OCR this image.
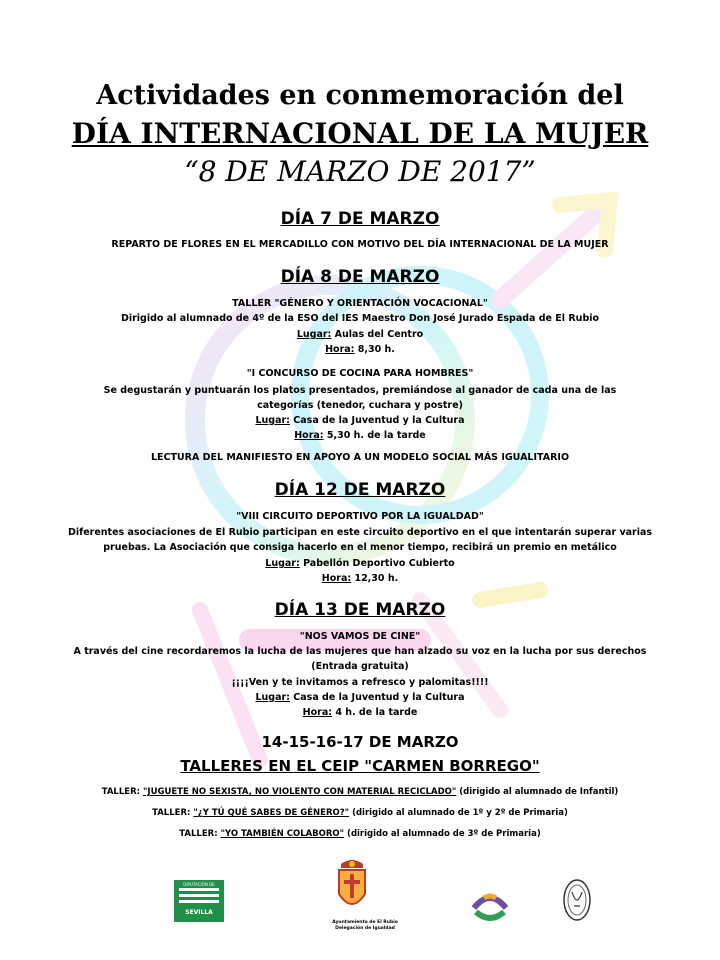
Actividades en conmemoración del
DÍA INTERNACIONAL DE LA MUJER
“8 DE MARZO DE 2017”
DÍA 7 DE MARZO
REPARTO DE FLORES EN EL MERCADILLO CON MOTIVO DEL DÍA INTERNACIONAL DE LA MUJER
DÍA 8 DE MARZO
TALLER "GÉNERO Y ORIENTACIÓN VOCACIONAL"
Dirigido al alumnado de 4º de la ESO del IES Maestro Don José Jurado Espada de El Rubio
Lugar: Aulas del Centro
Hora: 8,30 h.
"I CONCURSO DE COCINA PARA HOMBRES"
Se degustarán y puntuarán los platos presentados, premiándose al ganador de cada una de las
categorías (tenedor, cuchara y postre)
Lugar: Casa de la Juventud y la Cultura
Hora: 5,30 h. de la tarde
LECTURA DEL MANIFIESTO EN APOYO A UN MODELO SOCIAL MÁS IGUALITARIO
DÍA 12 DE MARZO
"VIII CIRCUITO DEPORTIVO POR LA IGUALDAD"
Diferentes asociaciones de El Rubio participan en este circuito deportivo en el que intentarán superar varias
pruebas. La Asociación que consiga hacerlo en el menor tiempo, recibirá un premio en metálico
Lugar: Pabellón Deportivo Cubierto
Hora: 12,30 h.
DÍA 13 DE MARZO
"NOS VAMOS DE CINE"
A través del cine recordaremos la lucha de las mujeres que han alzado su voz en la lucha por sus derechos
(Entrada gratuita)
¡¡¡¡Ven y te invitamos a refresco y palomitas!!!!
Lugar: Casa de la Juventud y la Cultura
Hora: 4 h. de la tarde
14-15-16-17 DE MARZO
TALLERES EN EL CEIP "CARMEN BORREGO"
TALLER: "JUGUETE NO SEXISTA, NO VIOLENTO CON MATERIAL RECICLADO" (dirigido al alumnado de Infantil)
TALLER: "¿Y TÚ QUÉ SABES DE GÉNERO?" (dirigido al alumnado de 1º y 2º de Primaria)
TALLER: "YO TAMBIÉN COLABORO" (dirigido al alumnado de 3º de Primaria)
DIPUTACIÓN DE
SEVILLA
Ayuntamiento de El Rubio
Delegación de Igualdad
